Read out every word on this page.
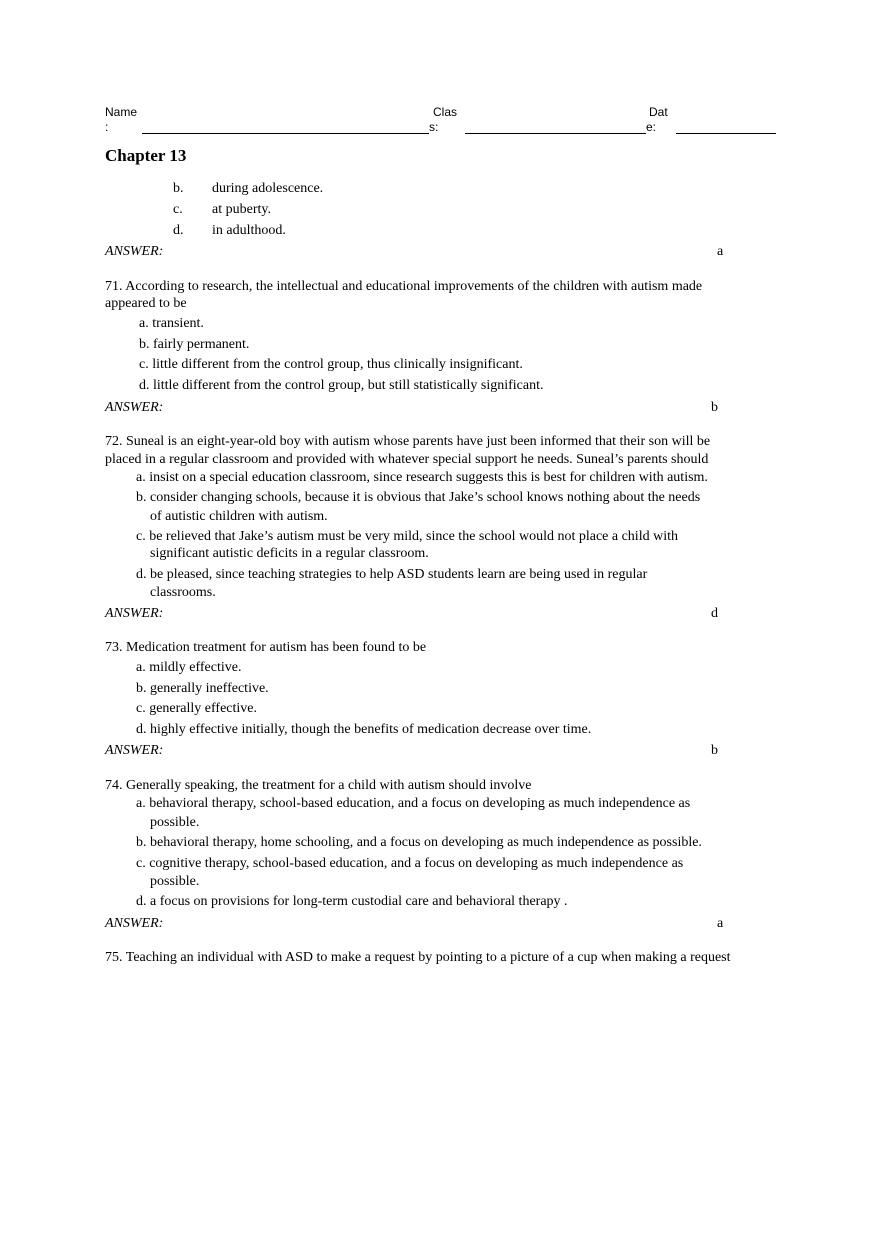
Name
:
Clas
s:
Dat
e:
Chapter 13
b. during adolescence.
c. at puberty.
d. in adulthood.
ANSWER:	a
71. According to research, the intellectual and educational improvements of the children with autism made
appeared to be
a. transient.
b. fairly permanent.
c. little different from the control group, thus clinically insignificant.
d. little different from the control group, but still statistically significant.
ANSWER:	b
72. Suneal is an eight-year-old boy with autism whose parents have just been informed that their son will be
placed in a regular classroom and provided with whatever special support he needs. Suneal’s parents should
a. insist on a special education classroom, since research suggests this is best for children with autism.
b. consider changing schools, because it is obvious that Jake’s school knows nothing about the needs
of autistic children with autism.
c. be relieved that Jake’s autism must be very mild, since the school would not place a child with
significant autistic deficits in a regular classroom.
d. be pleased, since teaching strategies to help ASD students learn are being used in regular
classrooms.
ANSWER:	d
73. Medication treatment for autism has been found to be
a. mildly effective.
b. generally ineffective.
c. generally effective.
d. highly effective initially, though the benefits of medication decrease over time.
ANSWER:	b
74. Generally speaking, the treatment for a child with autism should involve
a. behavioral therapy, school-based education, and a focus on developing as much independence as
possible.
b. behavioral therapy, home schooling, and a focus on developing as much independence as possible.
c. cognitive therapy, school-based education, and a focus on developing as much independence as
possible.
d. a focus on provisions for long-term custodial care and behavioral therapy .
ANSWER:	a
75. Teaching an individual with ASD to make a request by pointing to a picture of a cup when making a request
